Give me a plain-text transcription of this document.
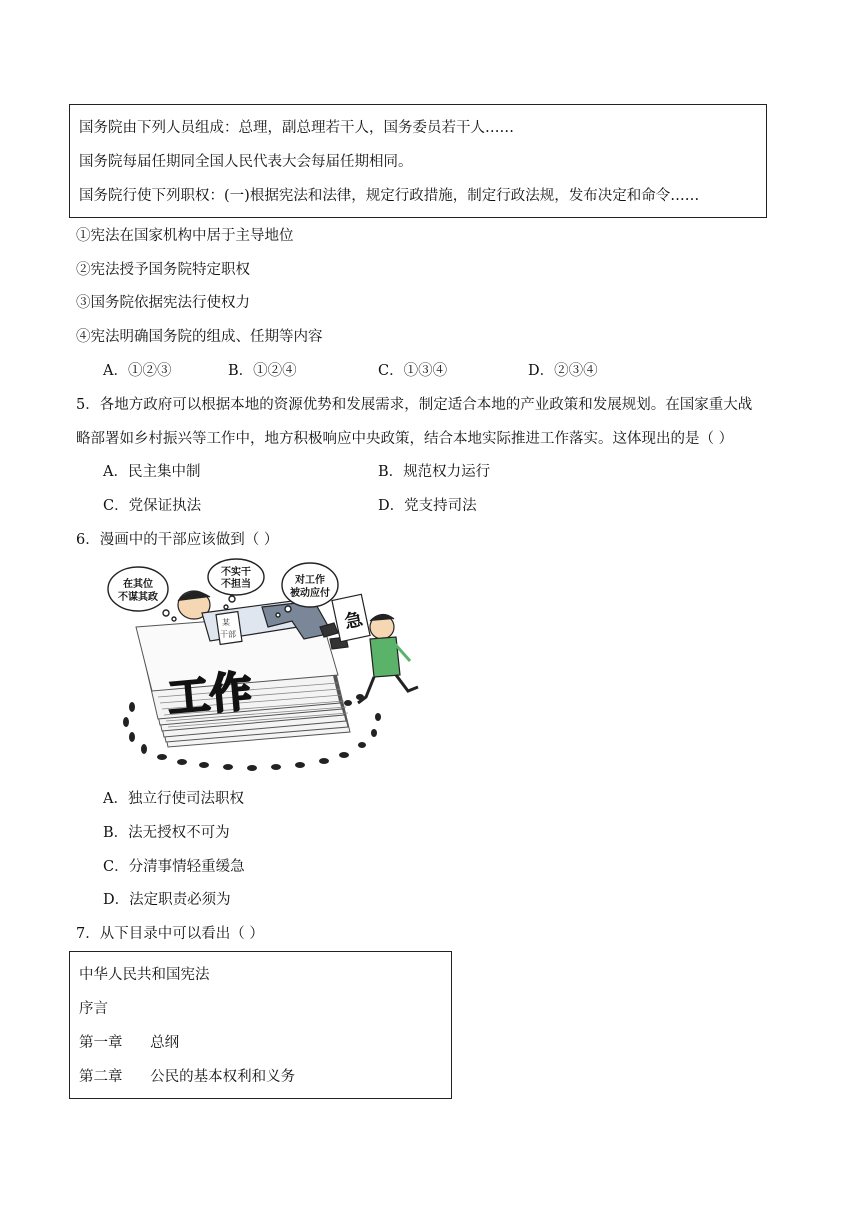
国务院由下列人员组成：总理，副总理若干人，国务委员若干人……
国务院每届任期同全国人民代表大会每届任期相同。
国务院行使下列职权：(一)根据宪法和法律，规定行政措施，制定行政法规，发布决定和命令……
①宪法在国家机构中居于主导地位
②宪法授予国务院特定职权
③国务院依据宪法行使权力
④宪法明确国务院的组成、任期等内容
A．①②③	B．①②④	C．①③④	D．②③④
5．各地方政府可以根据本地的资源优势和发展需求，制定适合本地的产业政策和发展规划。在国家重大战
略部署如乡村振兴等工作中，地方积极响应中央政策，结合本地实际推进工作落实。这体现出的是（ ）
A．民主集中制	B．规范权力运行
C．党保证执法	D．党支持司法
6．漫画中的干部应该做到（ ）
工作
某
干部
在其位
不谋其政
不实干
不担当	对工作
被动应付
急
A．独立行使司法职权
B．法无授权不可为
C．分清事情轻重缓急
D．法定职责必须为
7．从下目录中可以看出（ ）
中华人民共和国宪法
序言
第一章      总纲
第二章      公民的基本权利和义务
